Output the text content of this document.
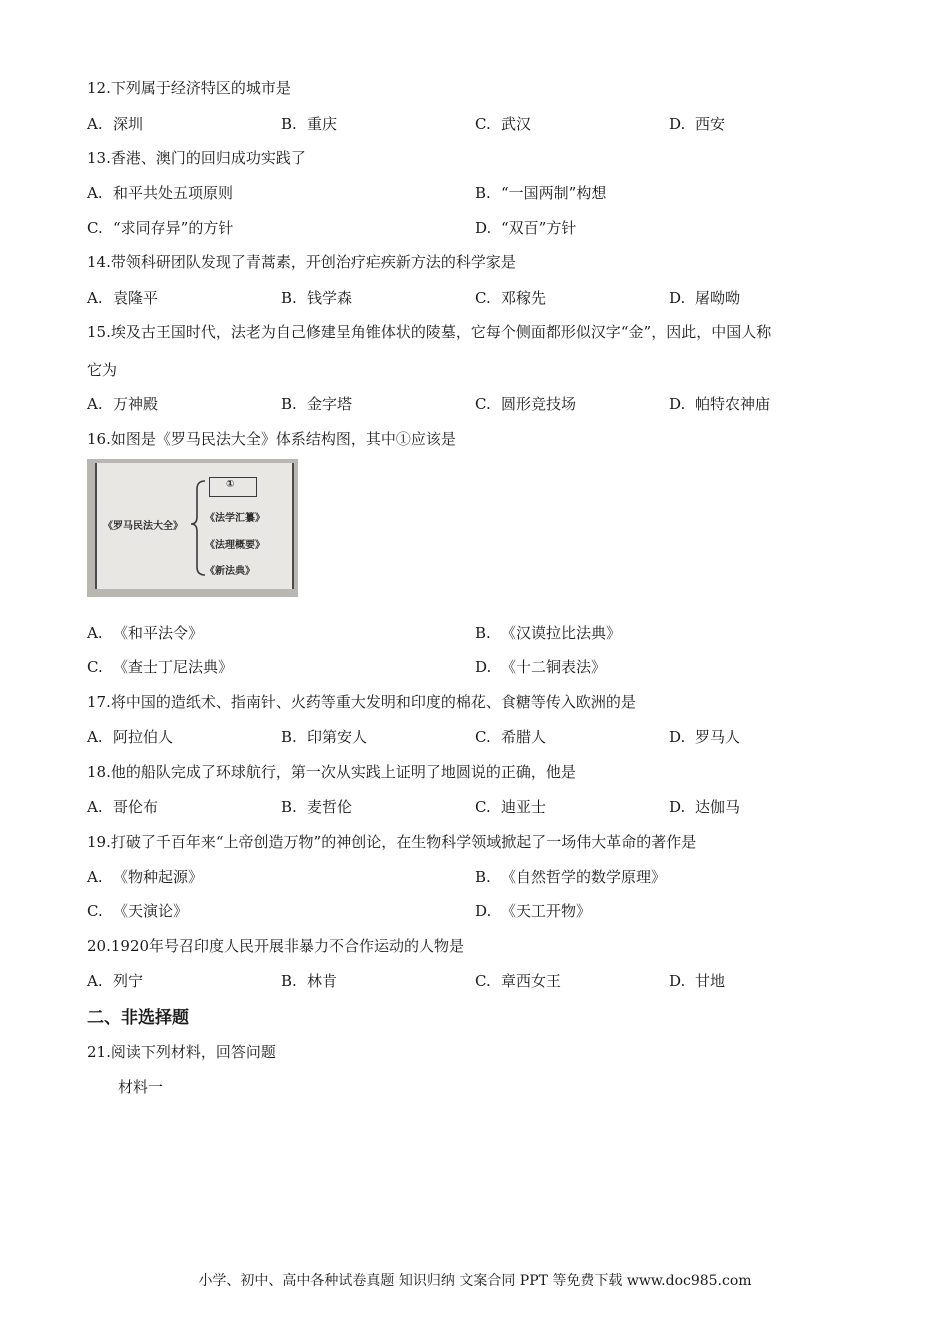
12.下列属于经济特区的城市是
A. 深圳	B. 重庆	C. 武汉	D. 西安
13.香港、澳门的回归成功实践了
A. 和平共处五项原则	B. “一国两制”构想
C. “求同存异”的方针	D. “双百”方针
14.带领科研团队发现了青蒿素，开创治疗疟疾新方法的科学家是
A. 袁隆平	B. 钱学森	C. 邓稼先	D. 屠呦呦
15.埃及古王国时代，法老为自己修建呈角锥体状的陵墓，它每个侧面都形似汉字“金”，因此，中国人称
它为
A. 万神殿	B. 金字塔	C. 圆形竞技场	D. 帕特农神庙
16.如图是《罗马民法大全》体系结构图，其中①应该是
①
《罗马民法大全》
《法学汇纂》
《法理概要》
《新法典》
A. 《和平法令》	B. 《汉谟拉比法典》
C. 《查士丁尼法典》	D. 《十二铜表法》
17.将中国的造纸术、指南针、火药等重大发明和印度的棉花、食糖等传入欧洲的是
A. 阿拉伯人	B. 印第安人	C. 希腊人	D. 罗马人
18.他的船队完成了环球航行，第一次从实践上证明了地圆说的正确，他是
A. 哥伦布	B. 麦哲伦	C. 迪亚士	D. 达伽马
19.打破了千百年来“上帝创造万物”的神创论，在生物科学领域掀起了一场伟大革命的著作是
A. 《物种起源》	B. 《自然哲学的数学原理》
C. 《天演论》	D. 《天工开物》
20.1920年号召印度人民开展非暴力不合作运动的人物是
A. 列宁	B. 林肯	C. 章西女王	D. 甘地
二、非选择题
21.阅读下列材料，回答问题
材料一
小学、初中、高中各种试卷真题 知识归纳 文案合同 PPT 等免费下载 www.doc985.com
